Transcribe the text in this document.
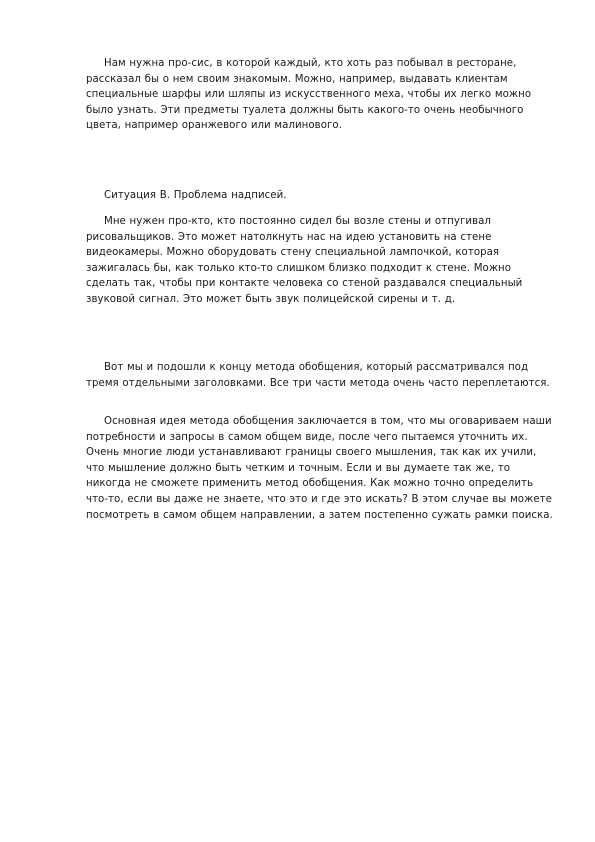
Нам нужна про-сис, в которой каждый, кто хоть раз побывал в ресторане, рассказал бы о нем своим знакомым. Можно, например, выдавать клиентам специальные шарфы или шляпы из искусственного меха, чтобы их легко можно было узнать. Эти предметы туалета должны быть какого-то очень необычного цвета, например оранжевого или малинового.

Ситуация В. Проблема надписей.

Мне нужен про-кто, кто постоянно сидел бы возле стены и отпугивал рисовальщиков. Это может натолкнуть нас на идею установить на стене видеокамеры. Можно оборудовать стену специальной лампочкой, которая зажигалась бы, как только кто-то слишком близко подходит к стене. Можно сделать так, чтобы при контакте человека со стеной раздавался специальный звуковой сигнал. Это может быть звук полицейской сирены и т. д.

Вот мы и подошли к концу метода обобщения, который рассматривался под тремя отдельными заголовками. Все три части метода очень часто переплетаются.

Основная идея метода обобщения заключается в том, что мы оговариваем наши потребности и запросы в самом общем виде, после чего пытаемся уточнить их. Очень многие люди устанавливают границы своего мышления, так как их учили, что мышление должно быть четким и точным. Если и вы думаете так же, то никогда не сможете применить метод обобщения. Как можно точно определить что-то, если вы даже не знаете, что это и где это искать? В этом случае вы можете посмотреть в самом общем направлении, а затем постепенно сужать рамки поиска.
